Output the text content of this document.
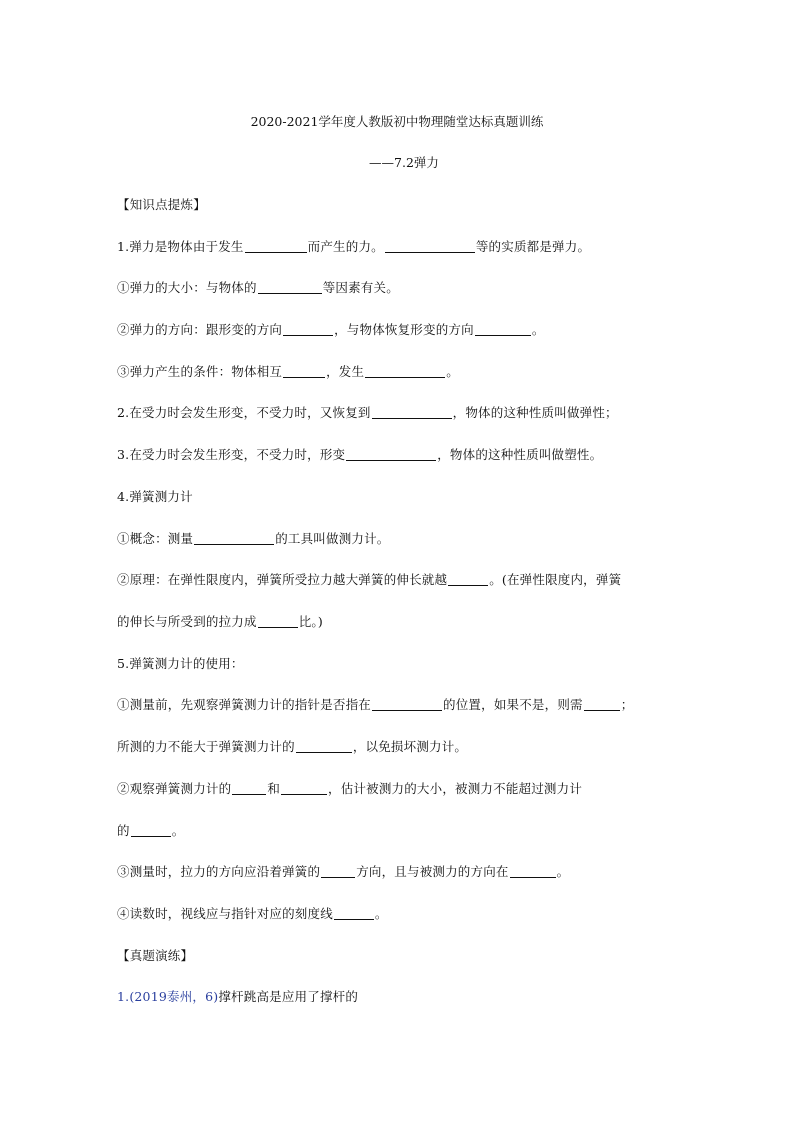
2020-2021学年度人教版初中物理随堂达标真题训练
——7.2弹力
【知识点提炼】
1.弹力是物体由于发生	而产生的力。	等的实质都是弹力。
①弹力的大小：与物体的	等因素有关。
②弹力的方向：跟形变的方向	，与物体恢复形变的方向	。
③弹力产生的条件：物体相互	，发生	。
2.在受力时会发生形变，不受力时，又恢复到	，物体的这种性质叫做弹性；
3.在受力时会发生形变，不受力时，形变	，物体的这种性质叫做塑性。
4.弹簧测力计
①概念：测量	的工具叫做测力计。
②原理：在弹性限度内，弹簧所受拉力越大弹簧的伸长就越	。(在弹性限度内，弹簧
的伸长与所受到的拉力成	比。)
5.弹簧测力计的使用：
①测量前，先观察弹簧测力计的指针是否指在	的位置，如果不是，则需	；
所测的力不能大于弹簧测力计的	，以免损坏测力计。
②观察弹簧测力计的	和	，估计被测力的大小，被测力不能超过测力计
的	。
③测量时，拉力的方向应沿着弹簧的	方向，且与被测力的方向在	。
④读数时，视线应与指针对应的刻度线	。
【真题演练】
1.(2019泰州，6)撑杆跳高是应用了撑杆的
